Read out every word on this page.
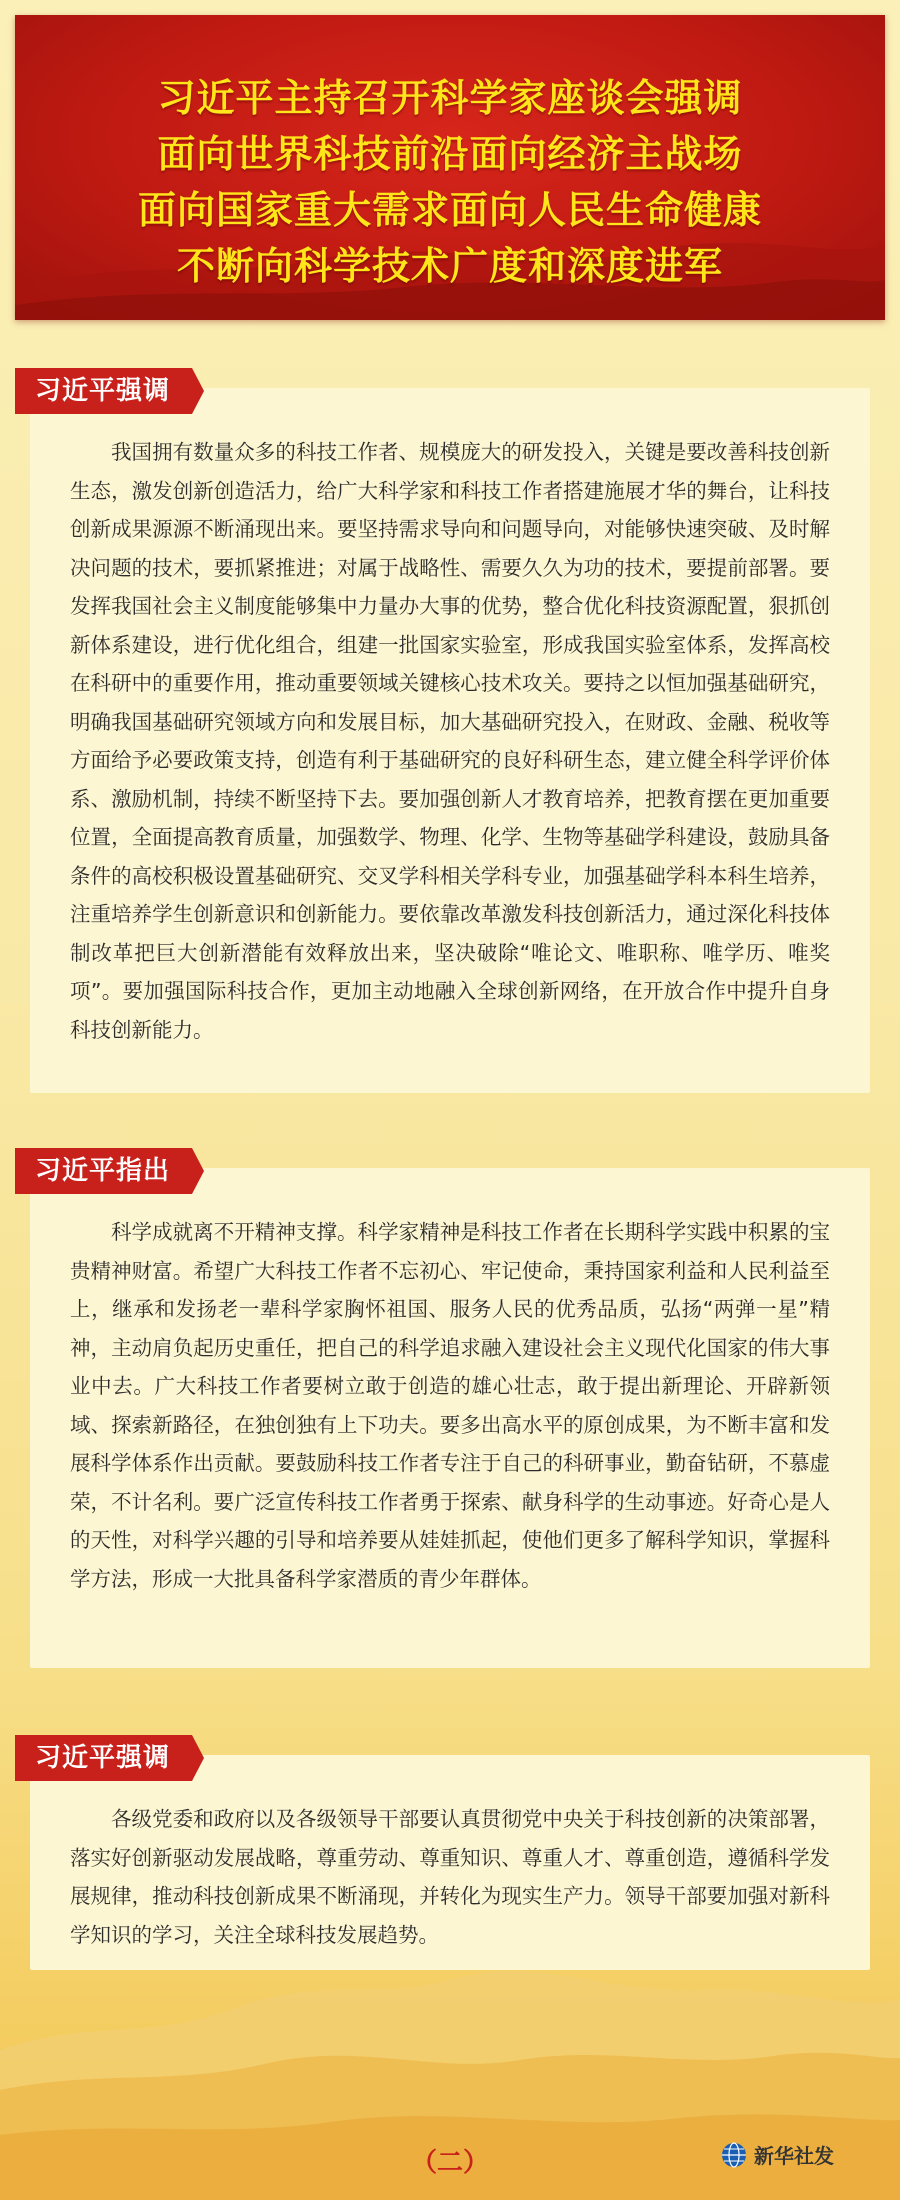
习近平主持召开科学家座谈会强调
面向世界科技前沿面向经济主战场
面向国家重大需求面向人民生命健康
不断向科学技术广度和深度进军
习近平强调

我国拥有数量众多的科技工作者、规模庞大的研发投入，关键是要改善科技创新生态，激发创新创造活力，给广大科学家和科技工作者搭建施展才华的舞台，让科技创新成果源源不断涌现出来。要坚持需求导向和问题导向，对能够快速突破、及时解决问题的技术，要抓紧推进；对属于战略性、需要久久为功的技术，要提前部署。要发挥我国社会主义制度能够集中力量办大事的优势，整合优化科技资源配置，狠抓创新体系建设，进行优化组合，组建一批国家实验室，形成我国实验室体系，发挥高校在科研中的重要作用，推动重要领域关键核心技术攻关。要持之以恒加强基础研究，明确我国基础研究领域方向和发展目标，加大基础研究投入，在财政、金融、税收等方面给予必要政策支持，创造有利于基础研究的良好科研生态，建立健全科学评价体系、激励机制，持续不断坚持下去。要加强创新人才教育培养，把教育摆在更加重要位置，全面提高教育质量，加强数学、物理、化学、生物等基础学科建设，鼓励具备条件的高校积极设置基础研究、交叉学科相关学科专业，加强基础学科本科生培养，注重培养学生创新意识和创新能力。要依靠改革激发科技创新活力，通过深化科技体制改革把巨大创新潜能有效释放出来，坚决破除“唯论文、唯职称、唯学历、唯奖项”。要加强国际科技合作，更加主动地融入全球创新网络，在开放合作中提升自身科技创新能力。

习近平指出

科学成就离不开精神支撑。科学家精神是科技工作者在长期科学实践中积累的宝贵精神财富。希望广大科技工作者不忘初心、牢记使命，秉持国家利益和人民利益至上，继承和发扬老一辈科学家胸怀祖国、服务人民的优秀品质，弘扬“两弹一星”精神，主动肩负起历史重任，把自己的科学追求融入建设社会主义现代化国家的伟大事业中去。广大科技工作者要树立敢于创造的雄心壮志，敢于提出新理论、开辟新领域、探索新路径，在独创独有上下功夫。要多出高水平的原创成果，为不断丰富和发展科学体系作出贡献。要鼓励科技工作者专注于自己的科研事业，勤奋钻研，不慕虚荣，不计名利。要广泛宣传科技工作者勇于探索、献身科学的生动事迹。好奇心是人的天性，对科学兴趣的引导和培养要从娃娃抓起，使他们更多了解科学知识，掌握科学方法，形成一大批具备科学家潜质的青少年群体。

习近平强调

各级党委和政府以及各级领导干部要认真贯彻党中央关于科技创新的决策部署，落实好创新驱动发展战略，尊重劳动、尊重知识、尊重人才、尊重创造，遵循科学发展规律，推动科技创新成果不断涌现，并转化为现实生产力。领导干部要加强对新科学知识的学习，关注全球科技发展趋势。

（二）	新华社发
